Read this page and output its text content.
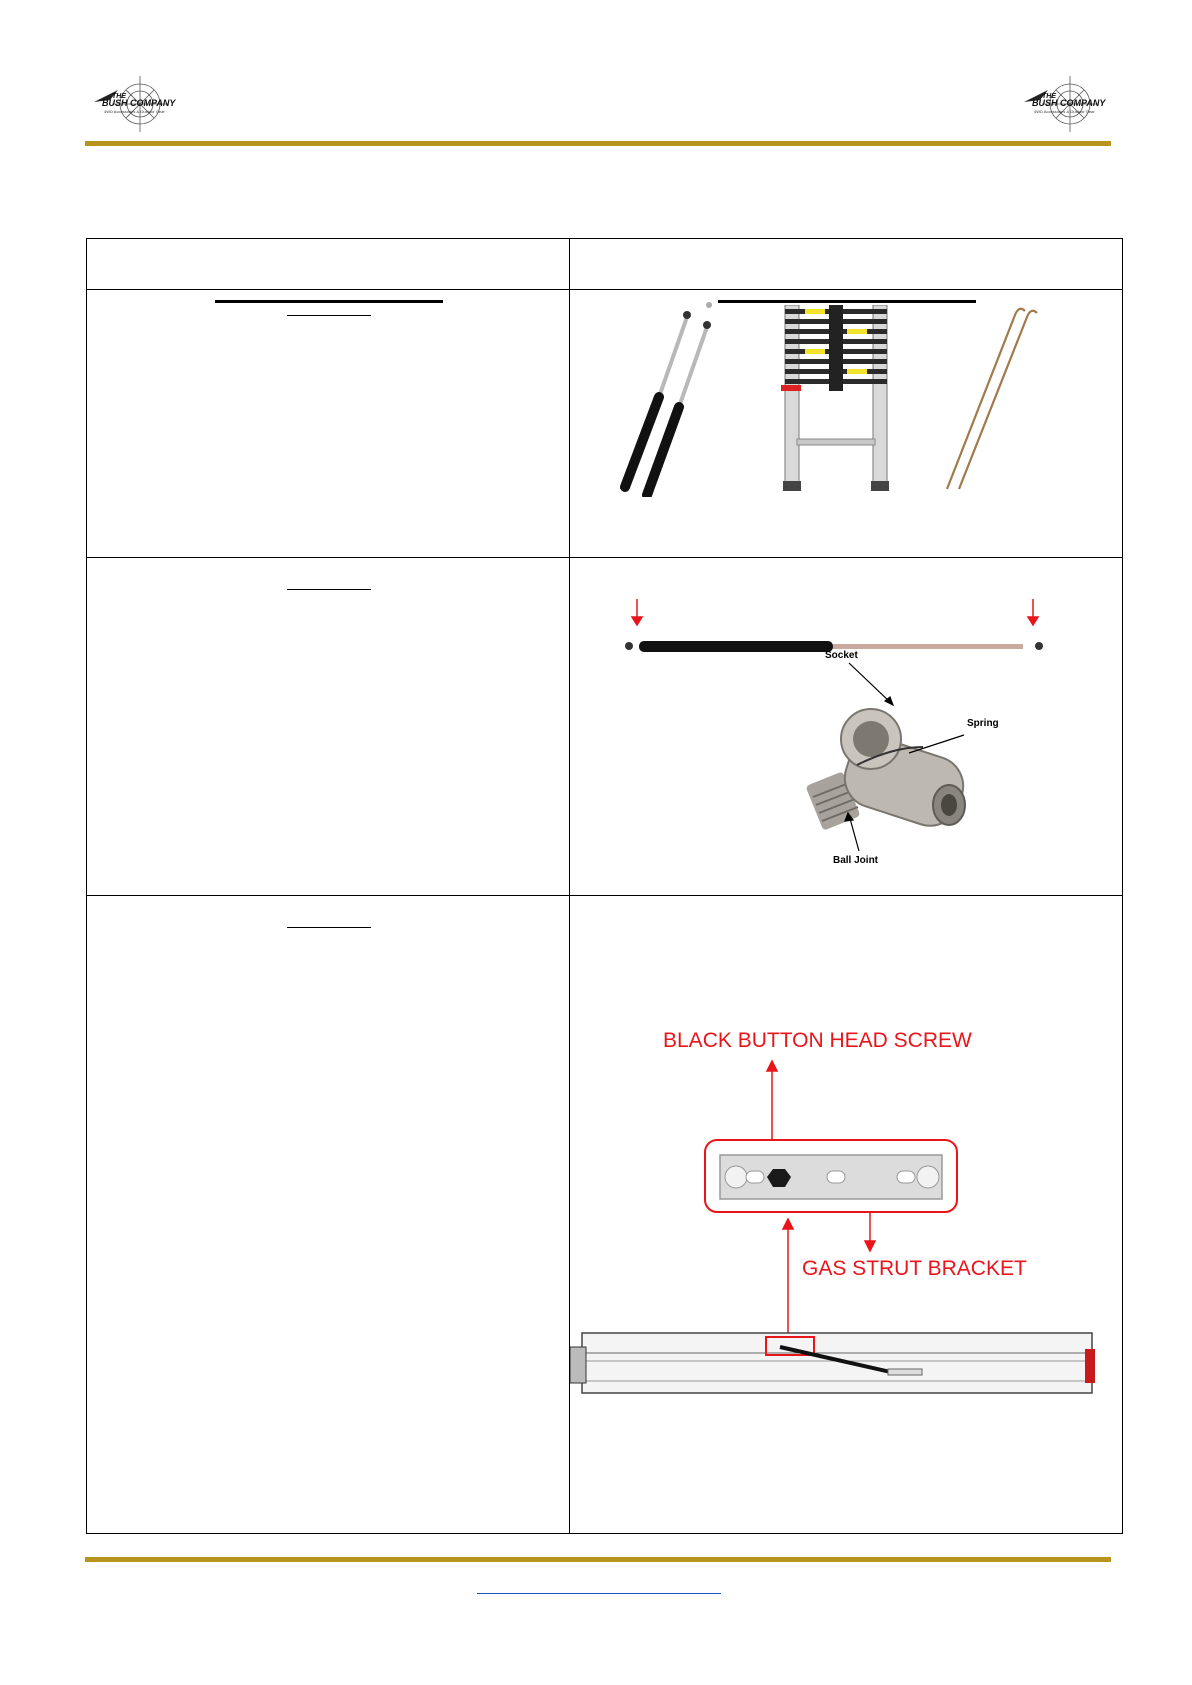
THE
BUSH COMPANY
4WD Accessories & Outdoor Gear
THE
BUSH COMPANY
4WD Accessories & Outdoor Gear
Socket
Spring
Ball Joint
BLACK BUTTON HEAD SCREW
GAS STRUT BRACKET
